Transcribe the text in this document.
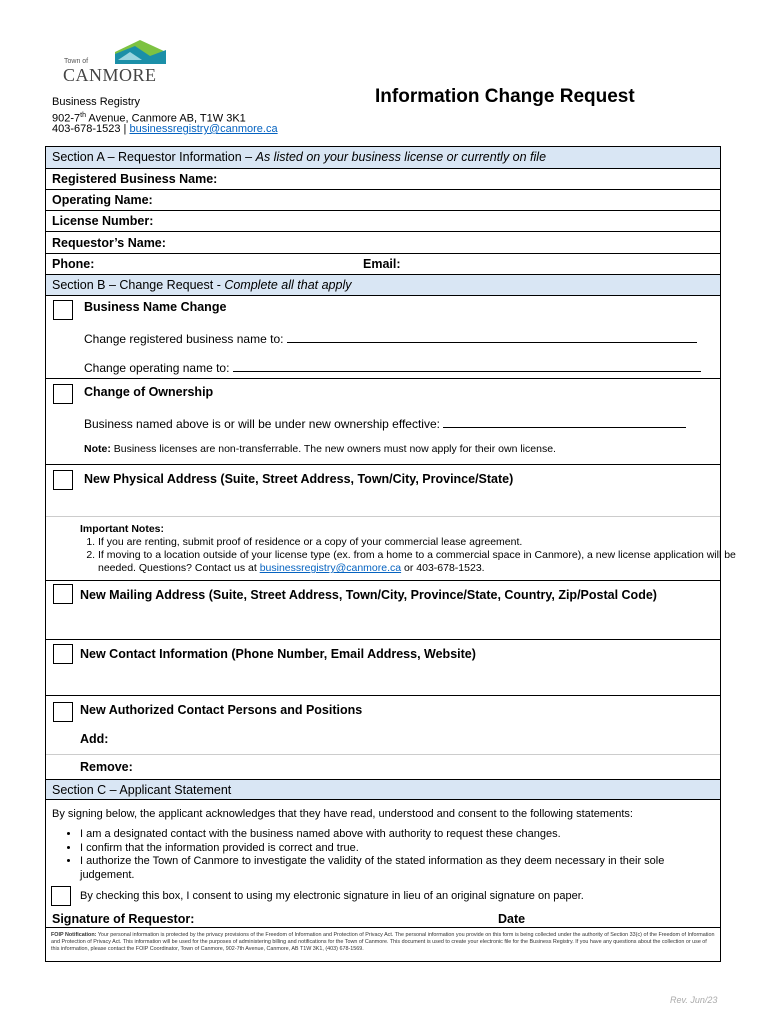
Town of
CANMORE
Business Registry
902-7th Avenue, Canmore AB, T1W 3K1
403-678-1523 | businessregistry@canmore.ca
Information Change Request
Section A – Requestor Information – As listed on your business license or currently on file
Registered Business Name:
Operating Name:
License Number:
Requestor’s Name:
Phone:	Email:
Section B – Change Request - Complete all that apply
Business Name Change
Change registered business name to:
Change operating name to:
Change of Ownership
Business named above is or will be under new ownership effective:
Note: Business licenses are non-transferrable. The new owners must now apply for their own license.
New Physical Address (Suite, Street Address, Town/City, Province/State)
Important Notes:
1. If you are renting, submit proof of residence or a copy of your commercial lease agreement.
2. If moving to a location outside of your license type (ex. from a home to a commercial space in Canmore), a new license application will be needed. Questions? Contact us at businessregistry@canmore.ca or 403-678-1523.
New Mailing Address (Suite, Street Address, Town/City, Province/State, Country, Zip/Postal Code)
New Contact Information (Phone Number, Email Address, Website)
New Authorized Contact Persons and Positions
Add:
Remove:
Section C – Applicant Statement
By signing below, the applicant acknowledges that they have read, understood and consent to the following statements:
• I am a designated contact with the business named above with authority to request these changes.
• I confirm that the information provided is correct and true.
• I authorize the Town of Canmore to investigate the validity of the stated information as they deem necessary in their sole judgement.
By checking this box, I consent to using my electronic signature in lieu of an original signature on paper.
Signature of Requestor:	Date
FOIP Notification: Your personal information is protected by the privacy provisions of the Freedom of Information and Protection of Privacy Act. The personal information you provide on this form is being collected under the authority of Section 33(c) of the Freedom of Information and Protection of Privacy Act. This information will be used for the purposes of administering billing and notifications for the Town of Canmore. This document is used to create your electronic file for the Business Registry. If you have any questions about the collection or use of this information, please contact the FOIP Coordinator, Town of Canmore, 902-7th Avenue, Canmore, AB T1W 3K1, (403) 678-1569.
Rev. Jun/23
